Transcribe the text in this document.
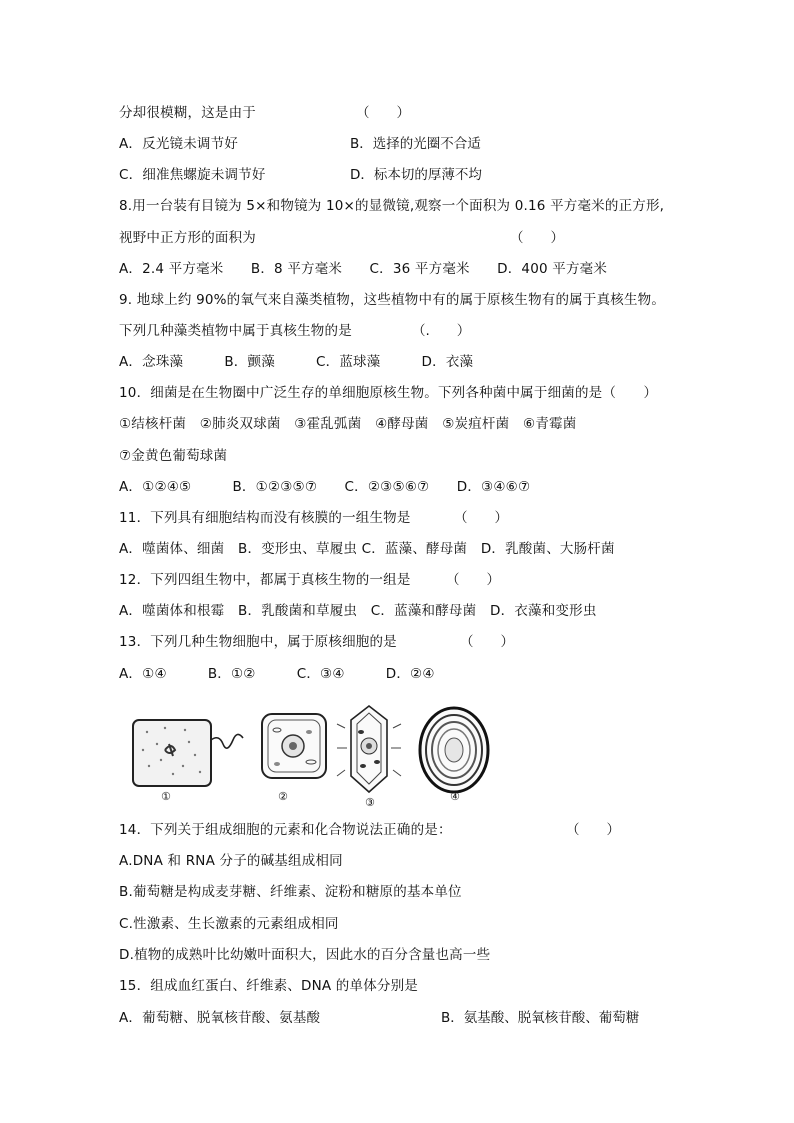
分却很模糊，这是由于	（　　）
A．反光镜未调节好	B．选择的光圈不合适
C．细准焦螺旋未调节好	D．标本切的厚薄不均
8.用一台装有目镜为 5×和物镜为 10×的显微镜,观察一个面积为 0.16 平方毫米的正方形,
视野中正方形的面积为	（　　）
A．2.4 平方毫米　　B．8 平方毫米　　C．36 平方毫米　　D．400 平方毫米
9. 地球上约 90%的氧气来自藻类植物，这些植物中有的属于原核生物有的属于真核生物。
下列几种藻类植物中属于真核生物的是	（.　　）
A．念珠藻　　　B．颤藻　　　C．蓝球藻　　　D．衣藻
10．细菌是在生物圈中广泛生存的单细胞原核生物。下列各种菌中属于细菌的是（　　）
①结核杆菌　②肺炎双球菌　③霍乱弧菌　④酵母菌　⑤炭疽杆菌　⑥青霉菌
⑦金黄色葡萄球菌
A．①②④⑤　　　B．①②③⑤⑦　　C．②③⑤⑥⑦　　D．③④⑥⑦
11．下列具有细胞结构而没有核膜的一组生物是	（　　）
A．噬菌体、细菌　B．变形虫、草履虫 C．蓝藻、酵母菌　D．乳酸菌、大肠杆菌
12．下列四组生物中，都属于真核生物的一组是	（　　）
A．噬菌体和根霉　B．乳酸菌和草履虫　C．蓝藻和酵母菌　D．衣藻和变形虫
13．下列几种生物细胞中，属于原核细胞的是	（　　）
A．①④　　　B．①②　　　C．③④　　　D．②④
①	②	③	④
14．下列关于组成细胞的元素和化合物说法正确的是：	（　　）
A.DNA 和 RNA 分子的碱基组成相同
B.葡萄糖是构成麦芽糖、纤维素、淀粉和糖原的基本单位
C.性激素、生长激素的元素组成相同
D.植物的成熟叶比幼嫩叶面积大，因此水的百分含量也高一些
15．组成血红蛋白、纤维素、DNA 的单体分别是
A．葡萄糖、脱氧核苷酸、氨基酸	B．氨基酸、脱氧核苷酸、葡萄糖
